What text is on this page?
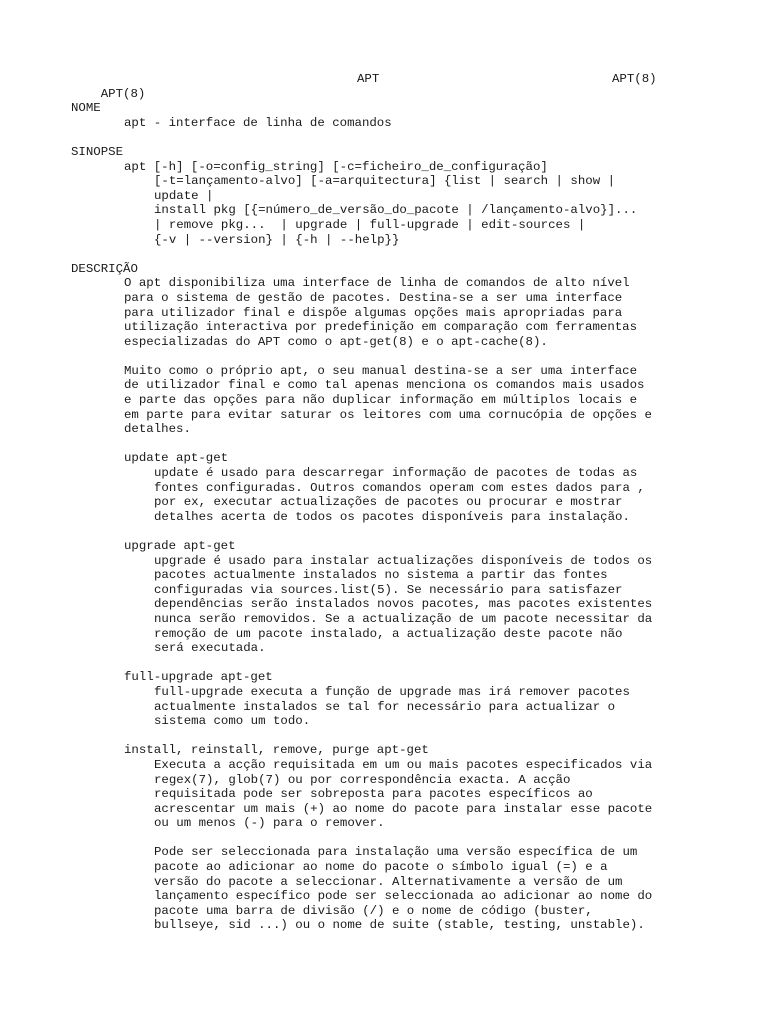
APT(8)

APT

	APT(8)

NOME
apt - interface de linha de comandos
SINOPSE
apt [-h] [-o=config_string] [-c=ficheiro_de_configuração]
[-t=lançamento-alvo] [-a=arquitectura] {list | search | show |
update |
install pkg [{=número_de_versão_do_pacote | /lançamento-alvo}]...
| remove pkg...  | upgrade | full-upgrade | edit-sources |
{-v | --version} | {-h | --help}}
DESCRIÇÃO
O apt disponibiliza uma interface de linha de comandos de alto nível
para o sistema de gestão de pacotes. Destina-se a ser uma interface
para utilizador final e dispõe algumas opções mais apropriadas para
utilização interactiva por predefinição em comparação com ferramentas
especializadas do APT como o apt-get(8) e o apt-cache(8).
Muito como o próprio apt, o seu manual destina-se a ser uma interface
de utilizador final e como tal apenas menciona os comandos mais usados
e parte das opções para não duplicar informação em múltiplos locais e
em parte para evitar saturar os leitores com uma cornucópia de opções e
detalhes.
update apt-get
update é usado para descarregar informação de pacotes de todas as
fontes configuradas. Outros comandos operam com estes dados para ,
por ex, executar actualizações de pacotes ou procurar e mostrar
detalhes acerta de todos os pacotes disponíveis para instalação.
upgrade apt-get
upgrade é usado para instalar actualizações disponíveis de todos os
pacotes actualmente instalados no sistema a partir das fontes
configuradas via sources.list(5). Se necessário para satisfazer
dependências serão instalados novos pacotes, mas pacotes existentes
nunca serão removidos. Se a actualização de um pacote necessitar da
remoção de um pacote instalado, a actualização deste pacote não
será executada.
full-upgrade apt-get
full-upgrade executa a função de upgrade mas irá remover pacotes
actualmente instalados se tal for necessário para actualizar o
sistema como um todo.
install, reinstall, remove, purge apt-get
Executa a acção requisitada em um ou mais pacotes especificados via
regex(7), glob(7) ou por correspondência exacta. A acção
requisitada pode ser sobreposta para pacotes específicos ao
acrescentar um mais (+) ao nome do pacote para instalar esse pacote
ou um menos (-) para o remover.
Pode ser seleccionada para instalação uma versão específica de um
pacote ao adicionar ao nome do pacote o símbolo igual (=) e a
versão do pacote a seleccionar. Alternativamente a versão de um
lançamento específico pode ser seleccionada ao adicionar ao nome do
pacote uma barra de divisão (/) e o nome de código (buster,
bullseye, sid ...) ou o nome de suite (stable, testing, unstable).
